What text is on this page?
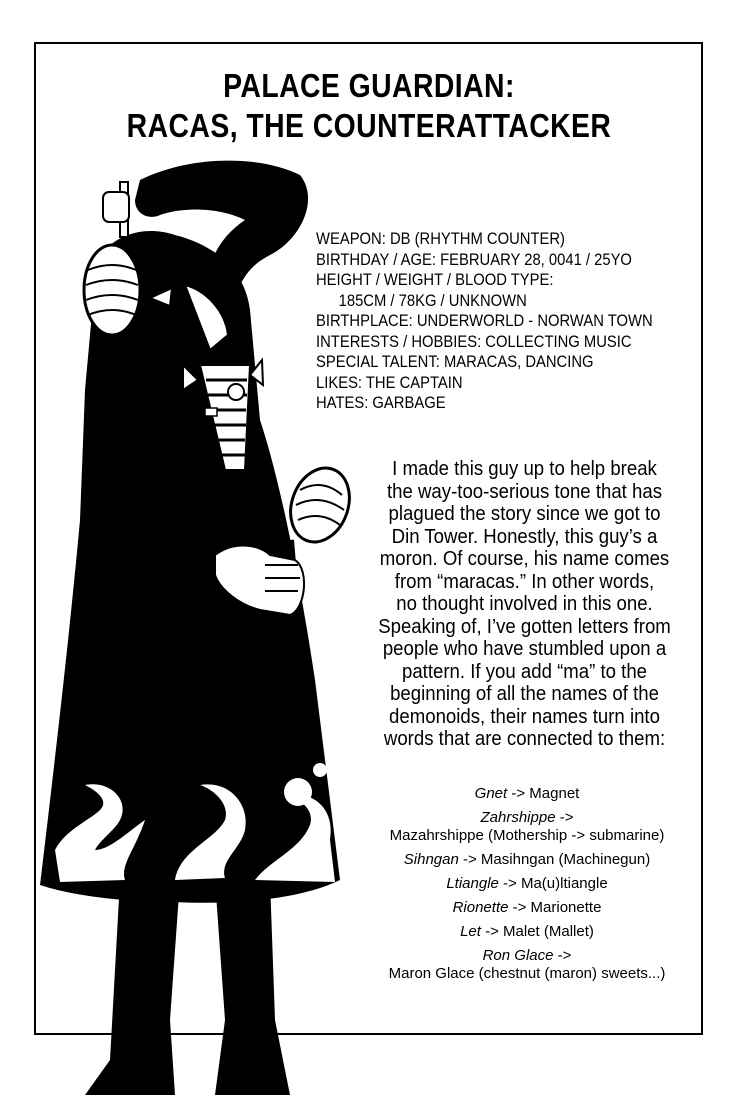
PALACE GUARDIAN:
RACAS, THE COUNTERATTACKER
WEAPON: DB (RHYTHM COUNTER)
BIRTHDAY / AGE: FEBRUARY 28, 0041 / 25YO
HEIGHT / WEIGHT / BLOOD TYPE:
185CM / 78KG / UNKNOWN
BIRTHPLACE: UNDERWORLD - NORWAN TOWN
INTERESTS / HOBBIES: COLLECTING MUSIC
SPECIAL TALENT: MARACAS, DANCING
LIKES: THE CAPTAIN
HATES: GARBAGE
I made this guy up to help break
the way-too-serious tone that has
plagued the story since we got to
Din Tower. Honestly, this guy’s a
moron. Of course, his name comes
from “maracas.” In other words,
no thought involved in this one.
Speaking of, I’ve gotten letters from
people who have stumbled upon a
pattern. If you add “ma” to the
beginning of all the names of the
demonoids, their names turn into
words that are connected to them:
Gnet -> Magnet
Zahrshippe ->
Mazahrshippe (Mothership -> submarine)
Sihngan -> Masihngan (Machinegun)
Ltiangle -> Ma(u)ltiangle
Rionette -> Marionette
Let -> Malet (Mallet)
Ron Glace ->
Maron Glace (chestnut (maron) sweets...)
